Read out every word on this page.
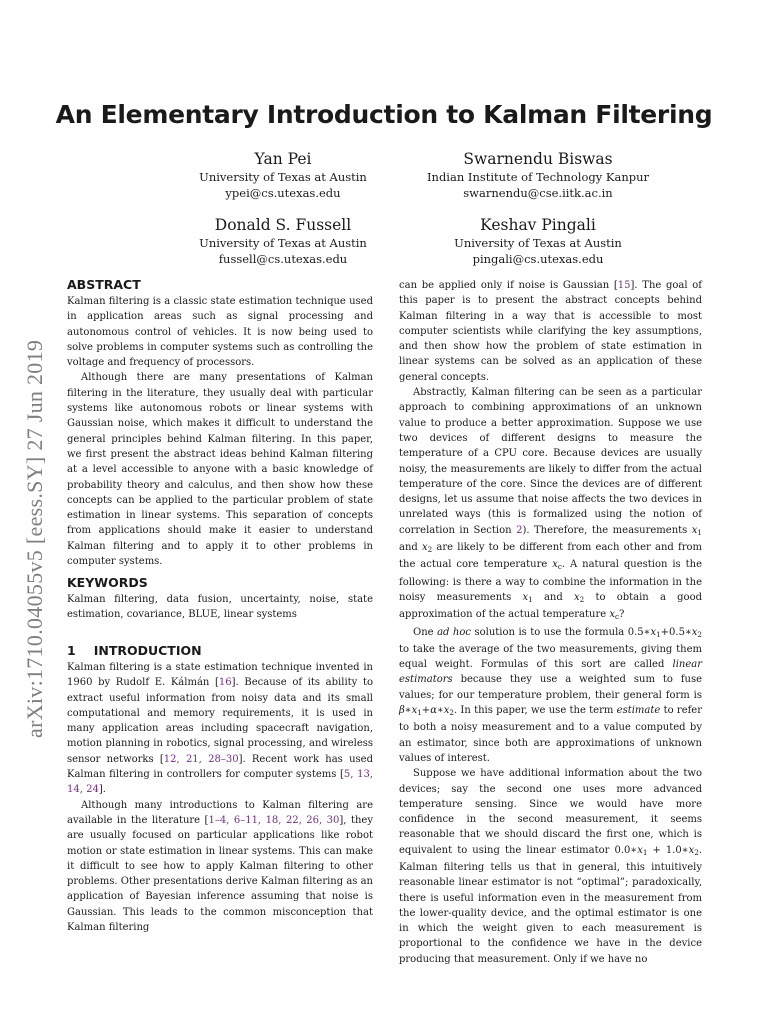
arXiv:1710.04055v5 [eess.SY] 27 Jun 2019
An Elementary Introduction to Kalman Filtering
Yan Pei
University of Texas at Austin
ypei@cs.utexas.edu
Swarnendu Biswas
Indian Institute of Technology Kanpur
swarnendu@cse.iitk.ac.in
Donald S. Fussell
University of Texas at Austin
fussell@cs.utexas.edu
Keshav Pingali
University of Texas at Austin
pingali@cs.utexas.edu
ABSTRACT

Kalman filtering is a classic state estimation technique used in application areas such as signal processing and autonomous control of vehicles. It is now being used to solve problems in computer systems such as controlling the voltage and frequency of processors.

Although there are many presentations of Kalman filtering in the literature, they usually deal with particular systems like autonomous robots or linear systems with Gaussian noise, which makes it difficult to understand the general principles behind Kalman filtering. In this paper, we first present the abstract ideas behind Kalman filtering at a level accessible to anyone with a basic knowledge of probability theory and calculus, and then show how these concepts can be applied to the particular problem of state estimation in linear systems. This separation of concepts from applications should make it easier to understand Kalman filtering and to apply it to other problems in computer systems.

KEYWORDS

Kalman filtering, data fusion, uncertainty, noise, state estimation, covariance, BLUE, linear systems

1 INTRODUCTION

Kalman filtering is a state estimation technique invented in 1960 by Rudolf E. Kálmán [16]. Because of its ability to extract useful information from noisy data and its small computational and memory requirements, it is used in many application areas including spacecraft navigation, motion planning in robotics, signal processing, and wireless sensor networks [12, 21, 28–30]. Recent work has used Kalman filtering in controllers for computer systems [5, 13, 14, 24].

Although many introductions to Kalman filtering are available in the literature [1–4, 6–11, 18, 22, 26, 30], they are usually focused on particular applications like robot motion or state estimation in linear systems. This can make it difficult to see how to apply Kalman filtering to other problems. Other presentations derive Kalman filtering as an application of Bayesian inference assuming that noise is Gaussian. This leads to the common misconception that Kalman filtering

can be applied only if noise is Gaussian [15]. The goal of this paper is to present the abstract concepts behind Kalman filtering in a way that is accessible to most computer scientists while clarifying the key assumptions, and then show how the problem of state estimation in linear systems can be solved as an application of these general concepts.

Abstractly, Kalman filtering can be seen as a particular approach to combining approximations of an unknown value to produce a better approximation. Suppose we use two devices of different designs to measure the temperature of a CPU core. Because devices are usually noisy, the measurements are likely to differ from the actual temperature of the core. Since the devices are of different designs, let us assume that noise affects the two devices in unrelated ways (this is formalized using the notion of correlation in Section 2). Therefore, the measurements $x_1$ and $x_2$ are likely to be different from each other and from the actual core temperature $x_c$. A natural question is the following: is there a way to combine the information in the noisy measurements $x_1$ and $x_2$ to obtain a good approximation of the actual temperature $x_c$?

One ad hoc solution is to use the formula $0.5∗x_1+0.5∗x_2$ to take the average of the two measurements, giving them equal weight. Formulas of this sort are called linear estimators because they use a weighted sum to fuse values; for our temperature problem, their general form is $\beta∗x_1+\alpha∗x_2$. In this paper, we use the term estimate to refer to both a noisy measurement and to a value computed by an estimator, since both are approximations of unknown values of interest.

Suppose we have additional information about the two devices; say the second one uses more advanced temperature sensing. Since we would have more confidence in the second measurement, it seems reasonable that we should discard the first one, which is equivalent to using the linear estimator $0.0∗x_1$ + $1.0∗x_2$. Kalman filtering tells us that in general, this intuitively reasonable linear estimator is not “optimal”; paradoxically, there is useful information even in the measurement from the lower-quality device, and the optimal estimator is one in which the weight given to each measurement is proportional to the confidence we have in the device producing that measurement. Only if we have no
